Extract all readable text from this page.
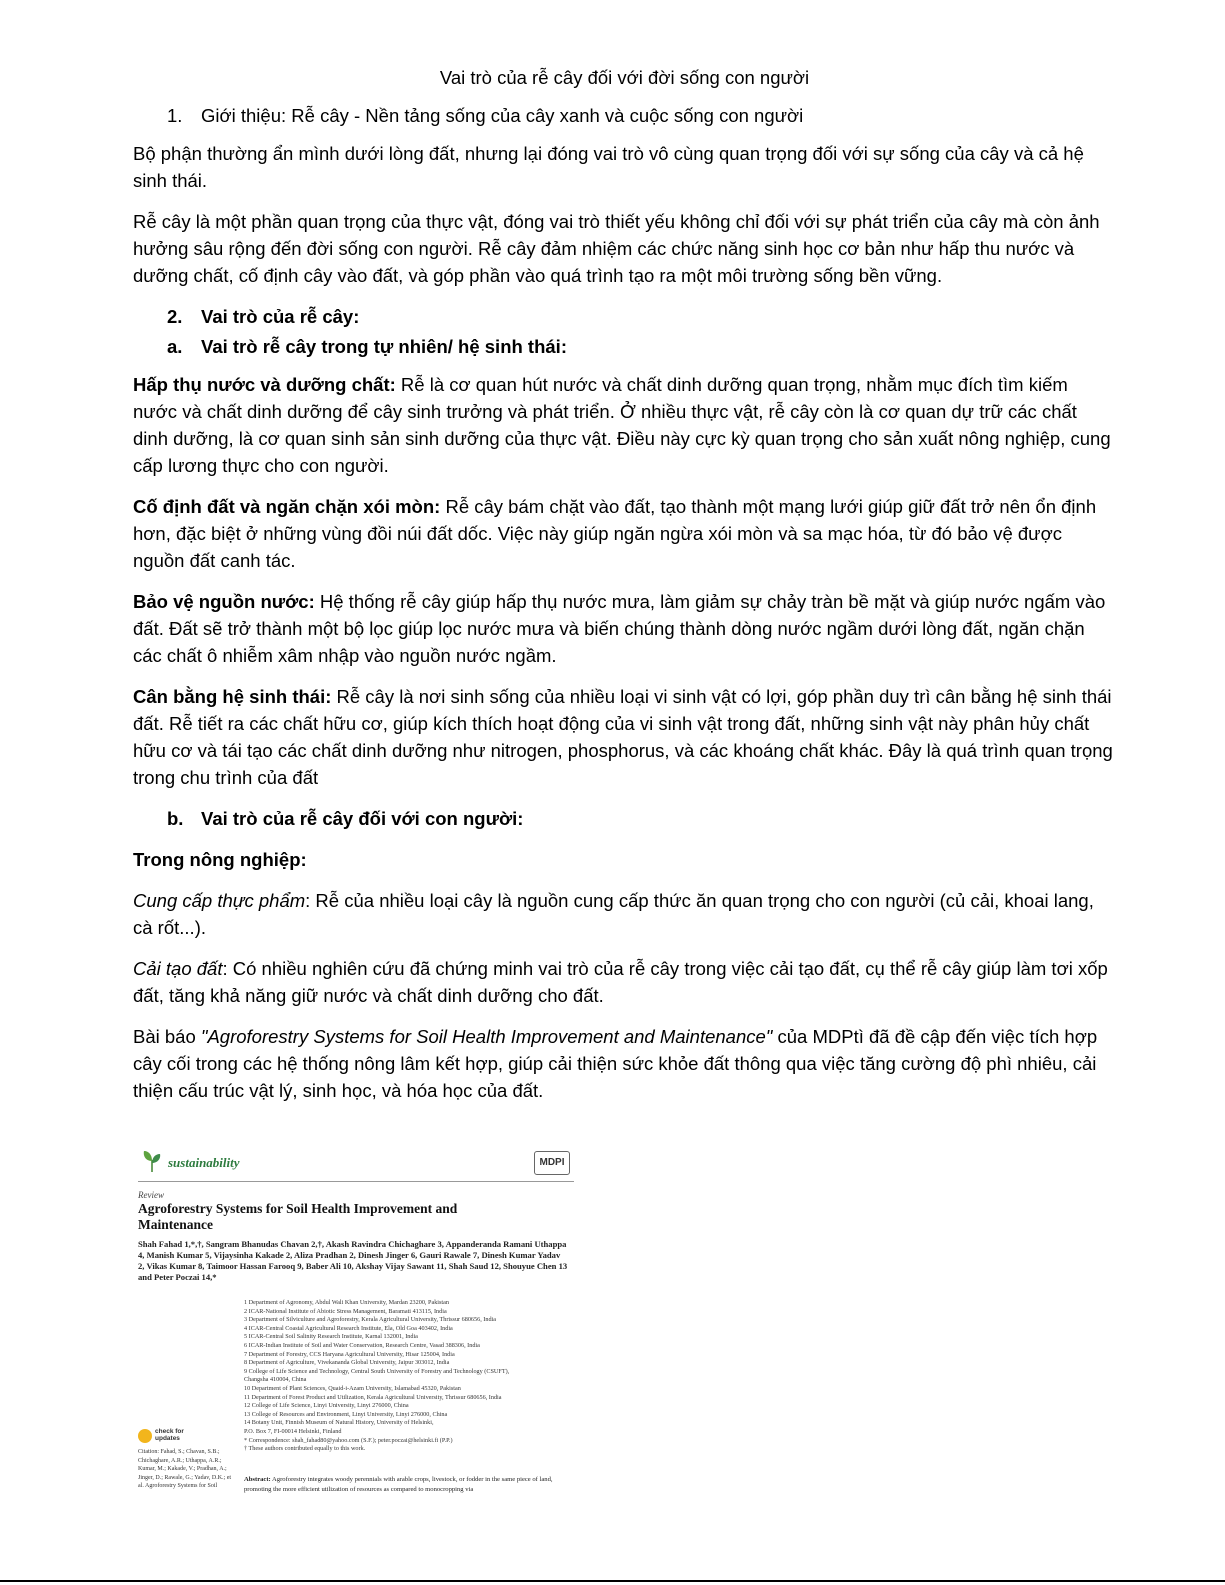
Vai trò của rễ cây đối với đời sống con người
1. Giới thiệu: Rễ cây - Nền tảng sống của cây xanh và cuộc sống con người

Bộ phận thường ẩn mình dưới lòng đất, nhưng lại đóng vai trò vô cùng quan trọng đối với sự sống của cây và cả hệ sinh thái.

Rễ cây là một phần quan trọng của thực vật, đóng vai trò thiết yếu không chỉ đối với sự phát triển của cây mà còn ảnh hưởng sâu rộng đến đời sống con người. Rễ cây đảm nhiệm các chức năng sinh học cơ bản như hấp thu nước và dưỡng chất, cố định cây vào đất, và góp phần vào quá trình tạo ra một môi trường sống bền vững.

2. Vai trò của rễ cây:
a. Vai trò rễ cây trong tự nhiên/ hệ sinh thái:

Hấp thụ nước và dưỡng chất: Rễ là cơ quan hút nước và chất dinh dưỡng quan trọng, nhằm mục đích tìm kiếm nước và chất dinh dưỡng để cây sinh trưởng và phát triển. Ở nhiều thực vật, rễ cây còn là cơ quan dự trữ các chất dinh dưỡng, là cơ quan sinh sản sinh dưỡng của thực vật. Điều này cực kỳ quan trọng cho sản xuất nông nghiệp, cung cấp lương thực cho con người.

Cố định đất và ngăn chặn xói mòn: Rễ cây bám chặt vào đất, tạo thành một mạng lưới giúp giữ đất trở nên ổn định hơn, đặc biệt ở những vùng đồi núi đất dốc. Việc này giúp ngăn ngừa xói mòn và sa mạc hóa, từ đó bảo vệ được nguồn đất canh tác.

Bảo vệ nguồn nước: Hệ thống rễ cây giúp hấp thụ nước mưa, làm giảm sự chảy tràn bề mặt và giúp nước ngấm vào đất. Đất sẽ trở thành một bộ lọc giúp lọc nước mưa và biến chúng thành dòng nước ngầm dưới lòng đất, ngăn chặn các chất ô nhiễm xâm nhập vào nguồn nước ngầm.

Cân bằng hệ sinh thái: Rễ cây là nơi sinh sống của nhiều loại vi sinh vật có lợi, góp phần duy trì cân bằng hệ sinh thái đất. Rễ tiết ra các chất hữu cơ, giúp kích thích hoạt động của vi sinh vật trong đất, những sinh vật này phân hủy chất hữu cơ và tái tạo các chất dinh dưỡng như nitrogen, phosphorus, và các khoáng chất khác. Đây là quá trình quan trọng trong chu trình của đất

b. Vai trò của rễ cây đối với con người:

Trong nông nghiệp:

Cung cấp thực phẩm: Rễ của nhiều loại cây là nguồn cung cấp thức ăn quan trọng cho con người (củ cải, khoai lang, cà rốt...).

Cải tạo đất: Có nhiều nghiên cứu đã chứng minh vai trò của rễ cây trong việc cải tạo đất, cụ thể rễ cây giúp làm tơi xốp đất, tăng khả năng giữ nước và chất dinh dưỡng cho đất.

Bài báo "Agroforestry Systems for Soil Health Improvement and Maintenance" của MDPtì đã đề cập đến việc tích hợp cây cối trong các hệ thống nông lâm kết hợp, giúp cải thiện sức khỏe đất thông qua việc tăng cường độ phì nhiêu, cải thiện cấu trúc vật lý, sinh học, và hóa học của đất.

sustainability	MDPI
Review
Agroforestry Systems for Soil Health Improvement and Maintenance
Shah Fahad 1,*,†, Sangram Bhanudas Chavan 2,†, Akash Ravindra Chichaghare 3, Appanderanda Ramani Uthappa 4, Manish Kumar 5, Vijaysinha Kakade 2, Aliza Pradhan 2, Dinesh Jinger 6, Gauri Rawale 7, Dinesh Kumar Yadav 2, Vikas Kumar 8, Taimoor Hassan Farooq 9, Baber Ali 10, Akshay Vijay Sawant 11, Shah Saud 12, Shouyue Chen 13 and Peter Poczai 14,*
1 Department of Agronomy, Abdul Wali Khan University, Mardan 23200, Pakistan
2 ICAR-National Institute of Abiotic Stress Management, Baramati 413115, India
3 Department of Silviculture and Agroforestry, Kerala Agricultural University, Thrissur 680656, India
4 ICAR-Central Coastal Agricultural Research Institute, Ela, Old Goa 403402, India
5 ICAR-Central Soil Salinity Research Institute, Karnal 132001, India
6 ICAR-Indian Institute of Soil and Water Conservation, Research Centre, Vasad 388306, India
7 Department of Forestry, CCS Haryana Agricultural University, Hisar 125004, India
8 Department of Agriculture, Vivekananda Global University, Jaipur 303012, India
9 College of Life Science and Technology, Central South University of Forestry and Technology (CSUFT),
Changsha 410004, China
10 Department of Plant Sciences, Quaid-i-Azam University, Islamabad 45320, Pakistan
11 Department of Forest Product and Utilization, Kerala Agricultural University, Thrissur 680656, India
12 College of Life Science, Linyi University, Linyi 276000, China
13 College of Resources and Environment, Linyi University, Linyi 276000, China
14 Botany Unit, Finnish Museum of Natural History, University of Helsinki,
P.O. Box 7, FI-00014 Helsinki, Finland
* Correspondence: shah_fahad80@yahoo.com (S.F.); peter.poczai@helsinki.fi (P.P.)
† These authors contributed equally to this work.
check for updates
Citation: Fahad, S.; Chavan, S.B.; Chichaghare, A.R.; Uthappa, A.R.; Kumar, M.; Kakade, V.; Pradhan, A.; Jinger, D.; Rawale, G.; Yadav, D.K.; et al. Agroforestry Systems for Soil
Abstract: Agroforestry integrates woody perennials with arable crops, livestock, or fodder in the same piece of land, promoting the more efficient utilization of resources as compared to monocropping via
